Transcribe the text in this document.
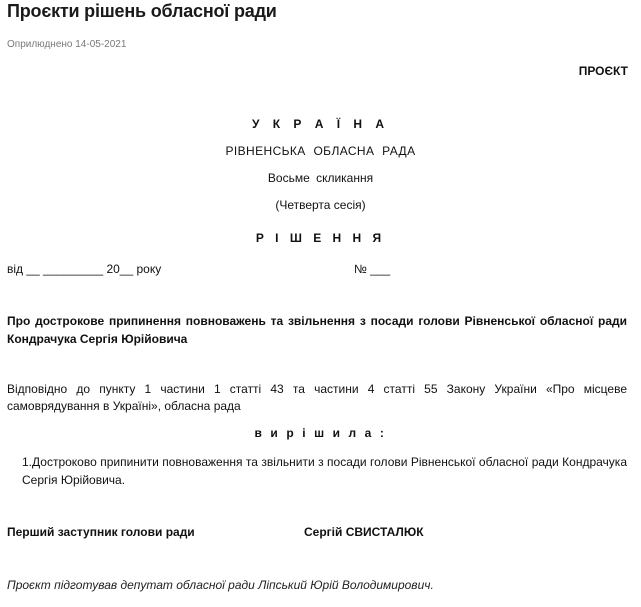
Проєкти рішень обласної ради
Оприлюднено 14-05-2021
ПРОЄКТ
У К Р А Ї Н А
РІВНЕНСЬКА ОБЛАСНА РАДА
Восьме скликання
(Четверта сесія)
Р І Ш Е Н Н Я
від __ _________ 20__ року	№ ___
Про дострокове припинення повноважень та звільнення з посади голови Рівненської обласної ради Кондрачука Сергія Юрійовича
Відповідно до пункту 1 частини 1 статті 43 та частини 4 статті 55 Закону України «Про місцеве самоврядування в Україні», обласна рада
в и р і ш и л а :
1.Достроково припинити повноваження та звільнити з посади голови Рівненської обласної ради Кондрачука Сергія Юрійовича.
Перший заступник голови ради	Сергій СВИСТАЛЮК
Проєкт підготував депутат обласної ради Ліпський Юрій Володимирович.
